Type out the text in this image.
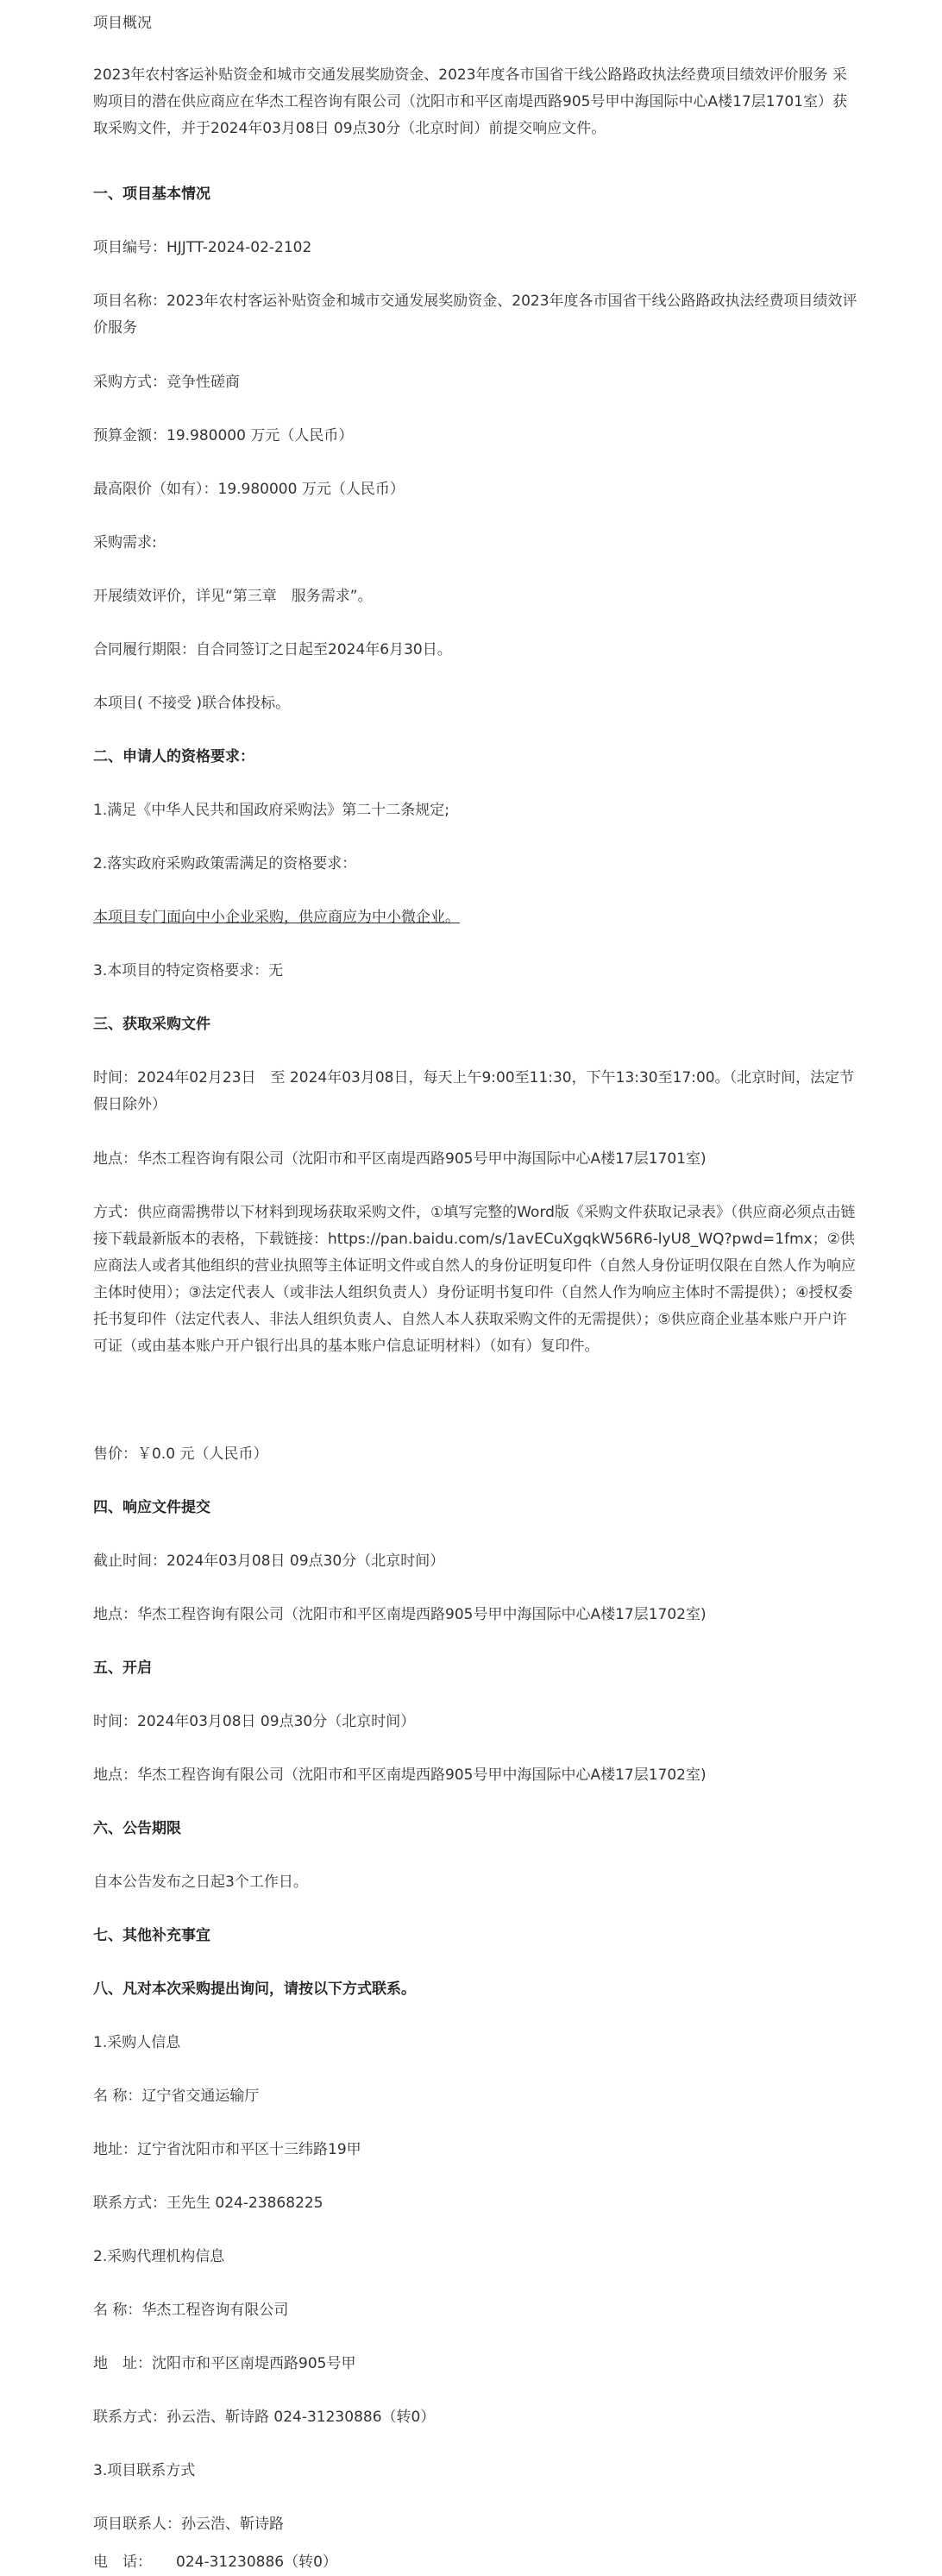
项目概况

2023年农村客运补贴资金和城市交通发展奖励资金、2023年度各市国省干线公路路政执法经费项目绩效评价服务 采购项目的潜在供应商应在华杰工程咨询有限公司（沈阳市和平区南堤西路905号甲中海国际中心A楼17层1701室）获取采购文件，并于2024年03月08日 09点30分（北京时间）前提交响应文件。

一、项目基本情况

项目编号：HJJTT-2024-02-2102

项目名称：2023年农村客运补贴资金和城市交通发展奖励资金、2023年度各市国省干线公路路政执法经费项目绩效评价服务

采购方式：竞争性磋商

预算金额：19.980000 万元（人民币）

最高限价（如有）：19.980000 万元（人民币）

采购需求:

开展绩效评价，详见“第三章　服务需求”。

合同履行期限：自合同签订之日起至2024年6月30日。

本项目( 不接受 )联合体投标。

二、申请人的资格要求：

1.满足《中华人民共和国政府采购法》第二十二条规定;

2.落实政府采购政策需满足的资格要求：

本项目专门面向中小企业采购，供应商应为中小微企业。

3.本项目的特定资格要求：无

三、获取采购文件

时间：2024年02月23日　至 2024年03月08日，每天上午9:00至11:30，下午13:30至17:00。（北京时间，法定节假日除外）

地点：华杰工程咨询有限公司（沈阳市和平区南堤西路905号甲中海国际中心A楼17层1701室)

方式：供应商需携带以下材料到现场获取采购文件，①填写完整的Word版《采购文件获取记录表》（供应商必须点击链接下载最新版本的表格，下载链接：https://pan.baidu.com/s/1avECuXgqkW56R6-lyU8_WQ?pwd=1fmx；②供应商法人或者其他组织的营业执照等主体证明文件或自然人的身份证明复印件（自然人身份证明仅限在自然人作为响应主体时使用）；③法定代表人（或非法人组织负责人）身份证明书复印件（自然人作为响应主体时不需提供）；④授权委托书复印件（法定代表人、非法人组织负责人、自然人本人获取采购文件的无需提供）；⑤供应商企业基本账户开户许可证（或由基本账户开户银行出具的基本账户信息证明材料）（如有）复印件。

售价：￥0.0 元（人民币）

四、响应文件提交

截止时间：2024年03月08日 09点30分（北京时间）

地点：华杰工程咨询有限公司（沈阳市和平区南堤西路905号甲中海国际中心A楼17层1702室)

五、开启

时间：2024年03月08日 09点30分（北京时间）

地点：华杰工程咨询有限公司（沈阳市和平区南堤西路905号甲中海国际中心A楼17层1702室)

六、公告期限

自本公告发布之日起3个工作日。

七、其他补充事宜

八、凡对本次采购提出询问，请按以下方式联系。

1.采购人信息

名 称：辽宁省交通运输厅

地址：辽宁省沈阳市和平区十三纬路19甲

联系方式：王先生 024-23868225

2.采购代理机构信息

名 称：华杰工程咨询有限公司

地　址：沈阳市和平区南堤西路905号甲

联系方式：孙云浩、靳诗路 024-31230886（转0）

3.项目联系方式

项目联系人：孙云浩、靳诗路

电　话： 024-31230886（转0）
